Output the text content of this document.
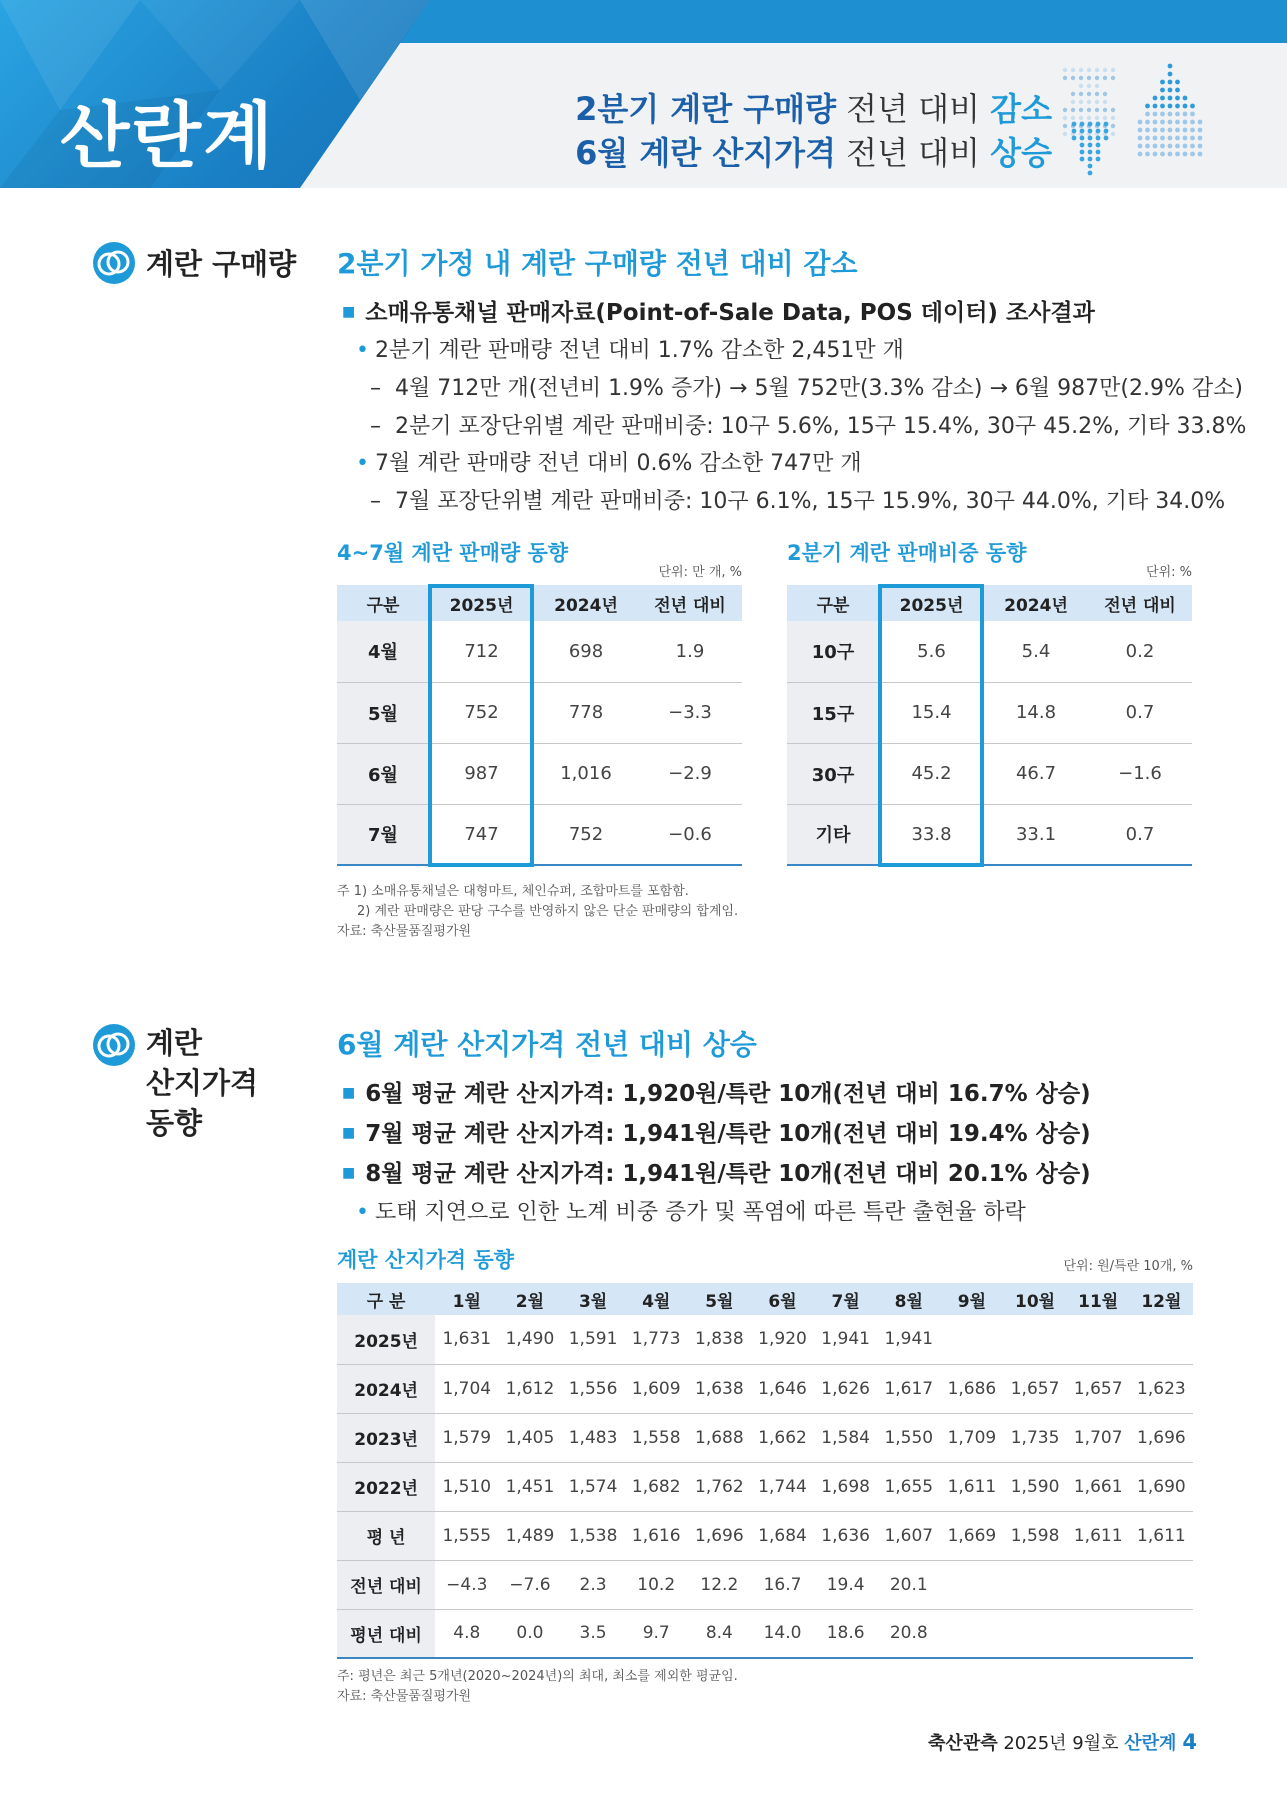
산란계	2분기 계란 구매량 전년 대비 감소
6월 계란 산지가격 전년 대비 상승
계란 구매량 2분기 가정 내 계란 구매량 전년 대비 감소
■ 소매유통채널 판매자료(Point-of-Sale Data, POS 데이터) 조사결과
• 2분기 계란 판매량 전년 대비 1.7% 감소한 2,451만 개
– 4월 712만 개(전년비 1.9% 증가) → 5월 752만(3.3% 감소) → 6월 987만(2.9% 감소)
– 2분기 포장단위별 계란 판매비중: 10구 5.6%, 15구 15.4%, 30구 45.2%, 기타 33.8%
• 7월 계란 판매량 전년 대비 0.6% 감소한 747만 개
– 7월 포장단위별 계란 판매비중: 10구 6.1%, 15구 15.9%, 30구 44.0%, 기타 34.0%
4~7월 계란 판매량 동향
단위: 만 개, %
구분	2025년	2024년	전년 대비
4월	712	698	1.9
5월	752	778	−3.3
6월	987	1,016	−2.9
7월	747	752	−0.6
2분기 계란 판매비중 동향
단위: %
구분	2025년	2024년	전년 대비
10구	5.6	5.4	0.2
15구	15.4	14.8	0.7
30구	45.2	46.7	−1.6
기타	33.8	33.1	0.7
주 1) 소매유통채널은 대형마트, 체인슈퍼, 조합마트를 포함함.
2) 계란 판매량은 판당 구수를 반영하지 않은 단순 판매량의 합계임.
자료: 축산물품질평가원
계란
산지가격
동향
6월 계란 산지가격 전년 대비 상승
■ 6월 평균 계란 산지가격: 1,920원/특란 10개(전년 대비 16.7% 상승)
■ 7월 평균 계란 산지가격: 1,941원/특란 10개(전년 대비 19.4% 상승)
■ 8월 평균 계란 산지가격: 1,941원/특란 10개(전년 대비 20.1% 상승)
• 도태 지연으로 인한 노계 비중 증가 및 폭염에 따른 특란 출현율 하락
계란 산지가격 동향	단위: 원/특란 10개, %
구 분	1월	2월	3월	4월	5월	6월	7월	8월	9월	10월	11월	12월
2025년	1,631	1,490	1,591	1,773	1,838	1,920	1,941	1,941				
2024년	1,704	1,612	1,556	1,609	1,638	1,646	1,626	1,617	1,686	1,657	1,657	1,623
2023년	1,579	1,405	1,483	1,558	1,688	1,662	1,584	1,550	1,709	1,735	1,707	1,696
2022년	1,510	1,451	1,574	1,682	1,762	1,744	1,698	1,655	1,611	1,590	1,661	1,690
평 년	1,555	1,489	1,538	1,616	1,696	1,684	1,636	1,607	1,669	1,598	1,611	1,611
전년 대비	−4.3	−7.6	2.3	10.2	12.2	16.7	19.4	20.1				
평년 대비	4.8	0.0	3.5	9.7	8.4	14.0	18.6	20.8				
주: 평년은 최근 5개년(2020~2024년)의 최대, 최소를 제외한 평균임.
자료: 축산물품질평가원
축산관측 2025년 9월호 산란계 4
